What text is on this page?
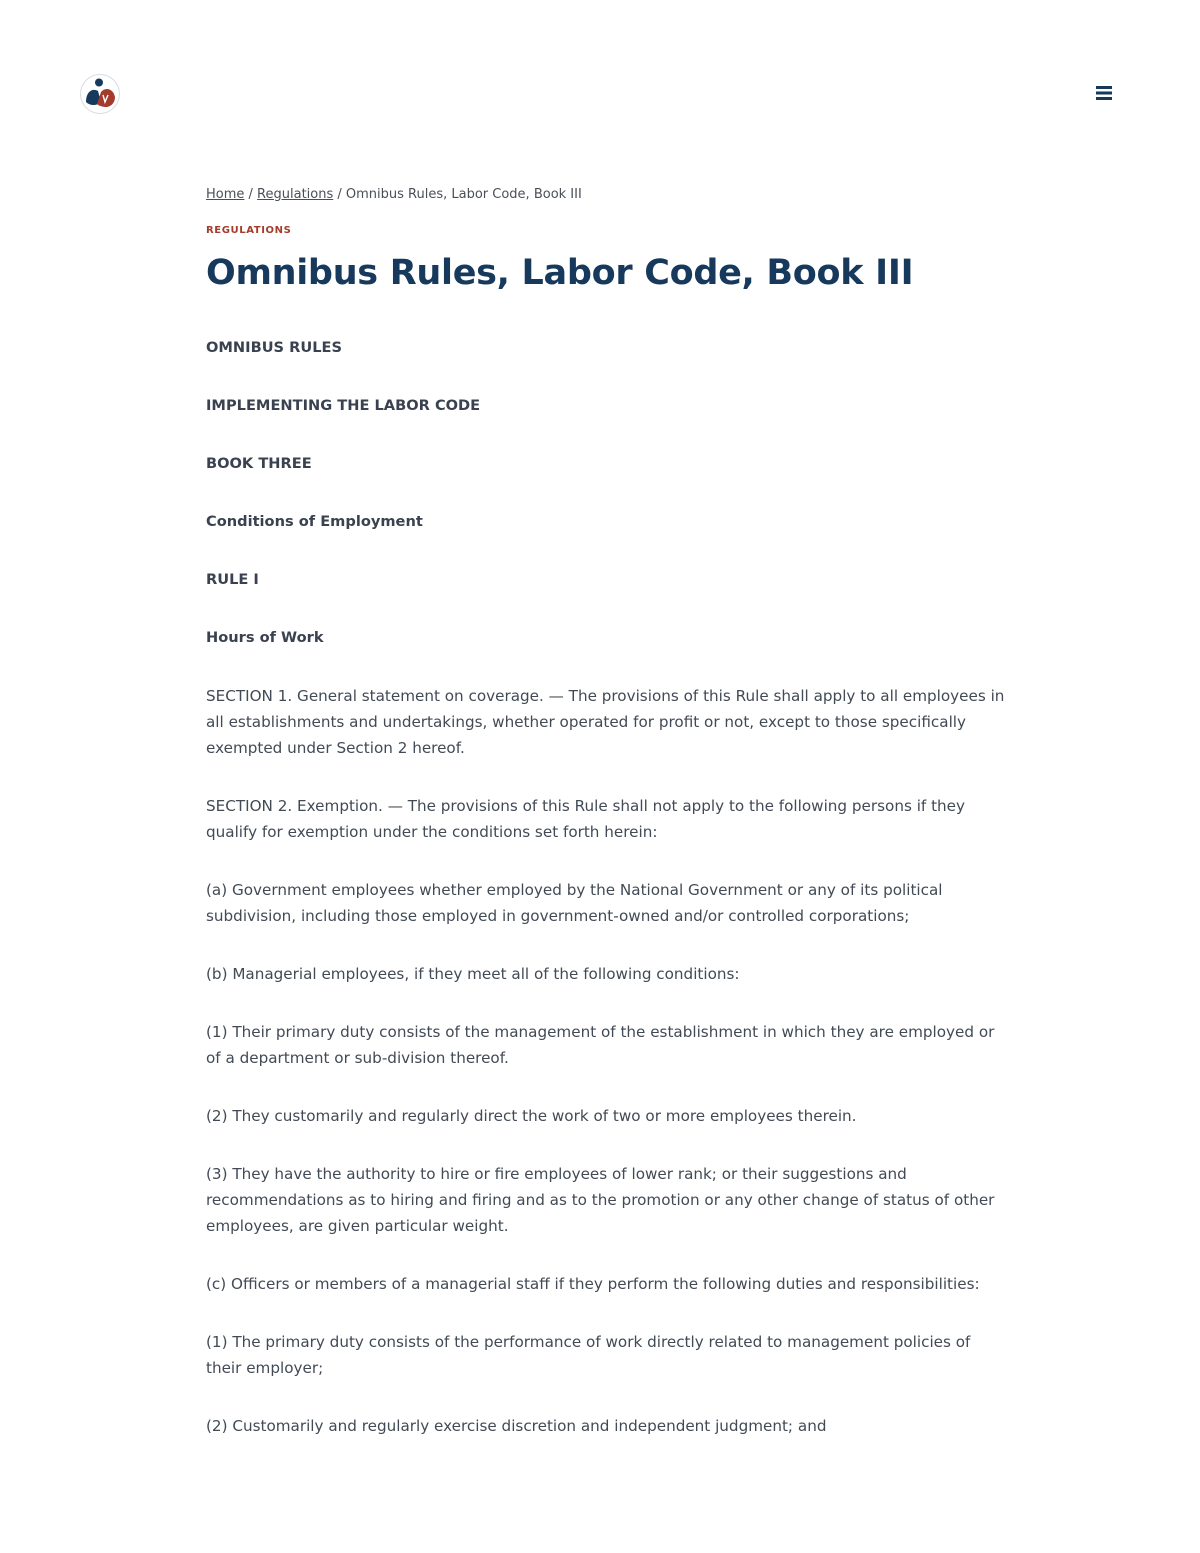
Home / Regulations / Omnibus Rules, Labor Code, Book III
REGULATIONS
Omnibus Rules, Labor Code, Book III

OMNIBUS RULES

IMPLEMENTING THE LABOR CODE

BOOK THREE

Conditions of Employment

RULE I

Hours of Work

SECTION 1. General statement on coverage. — The provisions of this Rule shall apply to all employees in all establishments and undertakings, whether operated for profit or not, except to those specifically exempted under Section 2 hereof.

SECTION 2. Exemption. — The provisions of this Rule shall not apply to the following persons if they qualify for exemption under the conditions set forth herein:

(a) Government employees whether employed by the National Government or any of its political subdivision, including those employed in government-owned and/or controlled corporations;

(b) Managerial employees, if they meet all of the following conditions:

(1) Their primary duty consists of the management of the establishment in which they are employed or of a department or sub-division thereof.

(2) They customarily and regularly direct the work of two or more employees therein.

(3) They have the authority to hire or fire employees of lower rank; or their suggestions and recommendations as to hiring and firing and as to the promotion or any other change of status of other employees, are given particular weight.

(c) Officers or members of a managerial staff if they perform the following duties and responsibilities:

(1) The primary duty consists of the performance of work directly related to management policies of their employer;

(2) Customarily and regularly exercise discretion and independent judgment; and
